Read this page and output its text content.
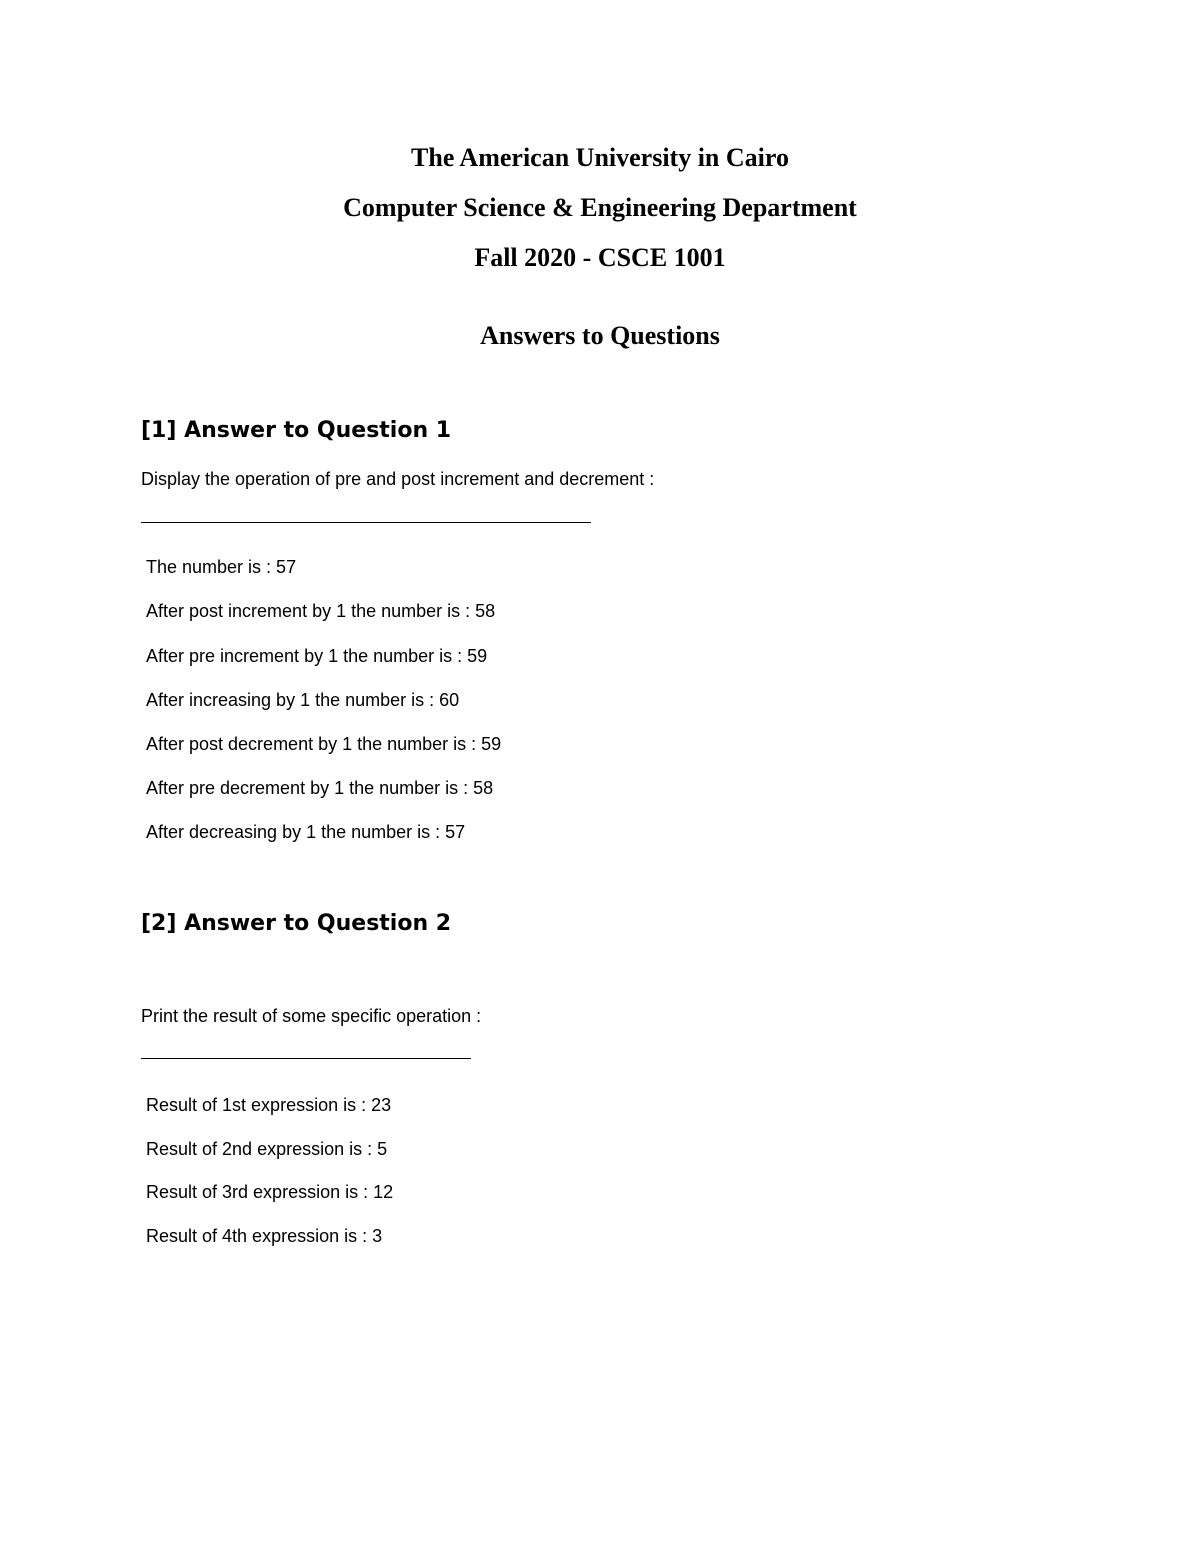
The American University in Cairo
Computer Science & Engineering Department
Fall 2020 - CSCE 1001
Answers to Questions
[1] Answer to Question 1
Display the operation of pre and post increment and decrement :
The number is : 57
After post increment by 1 the number is : 58
After pre increment by 1 the number is : 59
After increasing by 1 the number is : 60
After post decrement by 1 the number is : 59
After pre decrement by 1 the number is : 58
After decreasing by 1 the number is : 57
[2] Answer to Question 2
Print the result of some specific operation :
Result of 1st expression is : 23
Result of 2nd expression is : 5
Result of 3rd expression is : 12
Result of 4th expression is : 3
